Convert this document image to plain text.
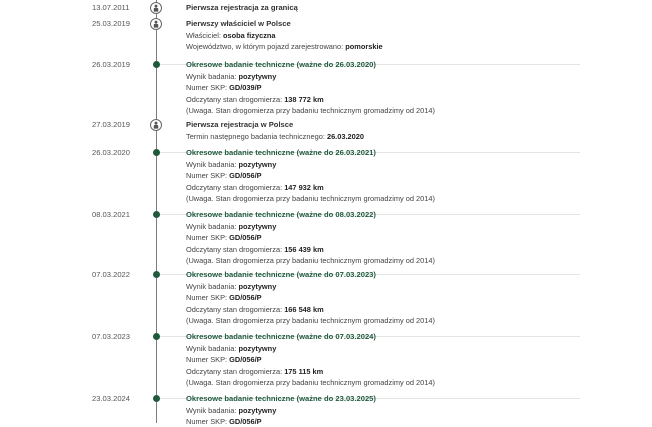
13.07.2011	Pierwsza rejestracja za granicą
25.03.2019	Pierwszy właściciel w Polsce
Właściciel: osoba fizyczna
Województwo, w którym pojazd zarejestrowano: pomorskie
26.03.2019	Okresowe badanie techniczne (ważne do 26.03.2020)
Wynik badania: pozytywny
Numer SKP: GD/039/P
Odczytany stan drogomierza: 138 772 km
(Uwaga. Stan drogomierza przy badaniu technicznym gromadzimy od 2014)
27.03.2019	Pierwsza rejestracja w Polsce
Termin następnego badania technicznego: 26.03.2020
26.03.2020	Okresowe badanie techniczne (ważne do 26.03.2021)
Wynik badania: pozytywny
Numer SKP: GD/056/P
Odczytany stan drogomierza: 147 932 km
(Uwaga. Stan drogomierza przy badaniu technicznym gromadzimy od 2014)
08.03.2021	Okresowe badanie techniczne (ważne do 08.03.2022)
Wynik badania: pozytywny
Numer SKP: GD/056/P
Odczytany stan drogomierza: 156 439 km
(Uwaga. Stan drogomierza przy badaniu technicznym gromadzimy od 2014)
07.03.2022	Okresowe badanie techniczne (ważne do 07.03.2023)
Wynik badania: pozytywny
Numer SKP: GD/056/P
Odczytany stan drogomierza: 166 548 km
(Uwaga. Stan drogomierza przy badaniu technicznym gromadzimy od 2014)
07.03.2023	Okresowe badanie techniczne (ważne do 07.03.2024)
Wynik badania: pozytywny
Numer SKP: GD/056/P
Odczytany stan drogomierza: 175 115 km
(Uwaga. Stan drogomierza przy badaniu technicznym gromadzimy od 2014)
23.03.2024	Okresowe badanie techniczne (ważne do 23.03.2025)
Wynik badania: pozytywny
Numer SKP: GD/056/P
